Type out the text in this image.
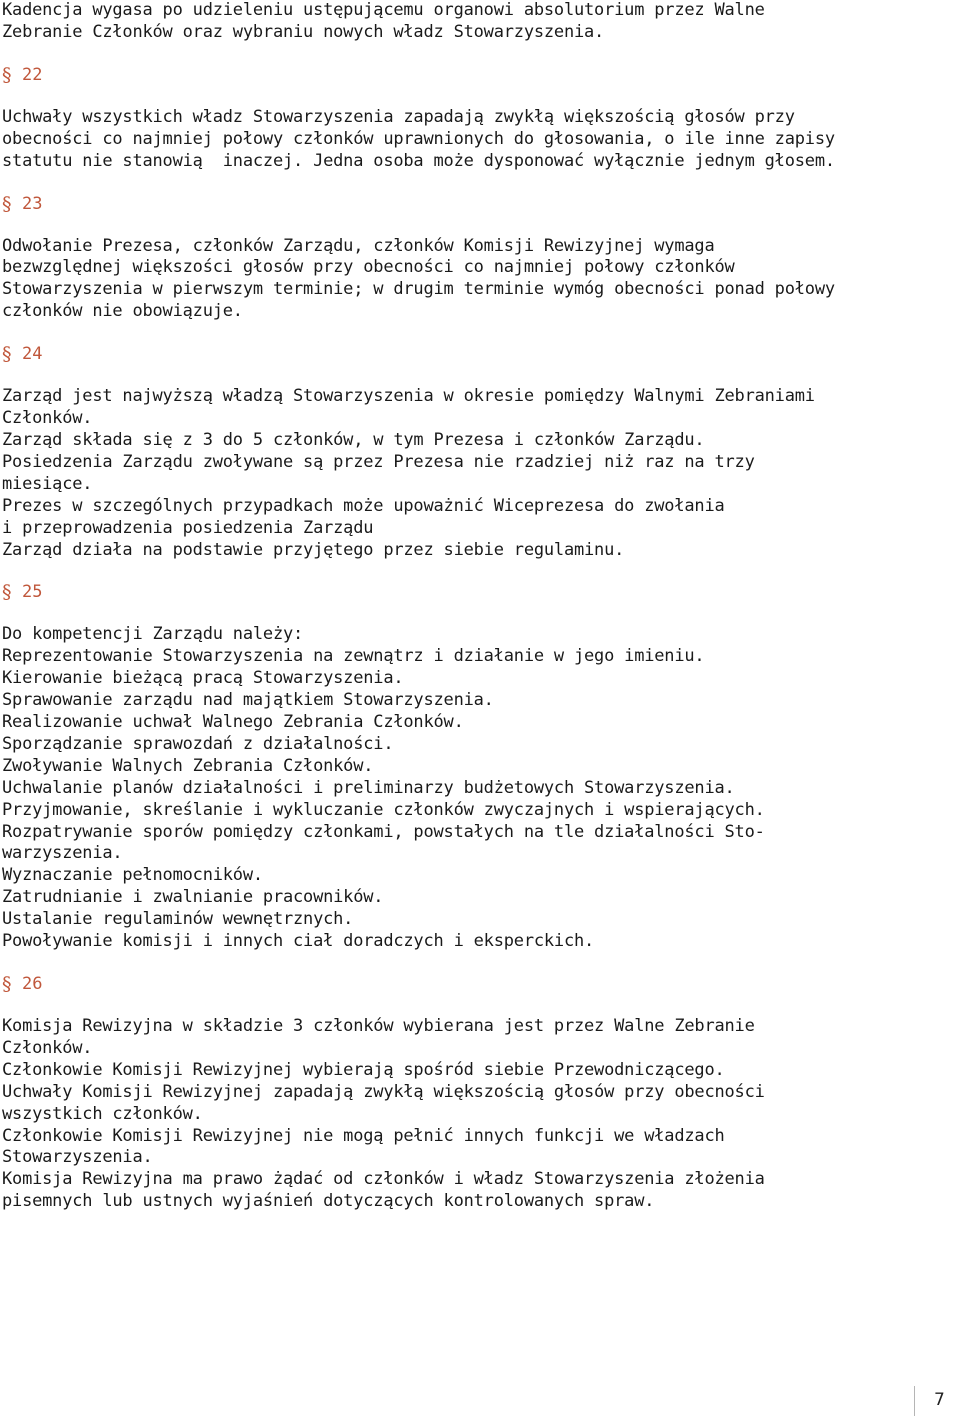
Kadencja wygasa po udzieleniu ustępującemu organowi absolutorium przez Walne
Zebranie Członków oraz wybraniu nowych władz Stowarzyszenia.
§ 22
Uchwały wszystkich władz Stowarzyszenia zapadają zwykłą większością głosów przy
obecności co najmniej połowy członków uprawnionych do głosowania, o ile inne zapisy
statutu nie stanowią  inaczej. Jedna osoba może dysponować wyłącznie jednym głosem.
§ 23
Odwołanie Prezesa, członków Zarządu, członków Komisji Rewizyjnej wymaga
bezwzględnej większości głosów przy obecności co najmniej połowy członków
Stowarzyszenia w pierwszym terminie; w drugim terminie wymóg obecności ponad połowy
członków nie obowiązuje.
§ 24
Zarząd jest najwyższą władzą Stowarzyszenia w okresie pomiędzy Walnymi Zebraniami
Członków.
Zarząd składa się z 3 do 5 członków, w tym Prezesa i członków Zarządu.
Posiedzenia Zarządu zwoływane są przez Prezesa nie rzadziej niż raz na trzy
miesiące.
Prezes w szczególnych przypadkach może upoważnić Wiceprezesa do zwołania
i przeprowadzenia posiedzenia Zarządu
Zarząd działa na podstawie przyjętego przez siebie regulaminu.
§ 25
Do kompetencji Zarządu należy:
Reprezentowanie Stowarzyszenia na zewnątrz i działanie w jego imieniu.
Kierowanie bieżącą pracą Stowarzyszenia.
Sprawowanie zarządu nad majątkiem Stowarzyszenia.
Realizowanie uchwał Walnego Zebrania Członków.
Sporządzanie sprawozdań z działalności.
Zwoływanie Walnych Zebrania Członków.
Uchwalanie planów działalności i preliminarzy budżetowych Stowarzyszenia.
Przyjmowanie, skreślanie i wykluczanie członków zwyczajnych i wspierających.
Rozpatrywanie sporów pomiędzy członkami, powstałych na tle działalności Sto-
warzyszenia.
Wyznaczanie pełnomocników.
Zatrudnianie i zwalnianie pracowników.
Ustalanie regulaminów wewnętrznych.
Powoływanie komisji i innych ciał doradczych i eksperckich.
§ 26
Komisja Rewizyjna w składzie 3 członków wybierana jest przez Walne Zebranie
Członków.
Członkowie Komisji Rewizyjnej wybierają spośród siebie Przewodniczącego.
Uchwały Komisji Rewizyjnej zapadają zwykłą większością głosów przy obecności
wszystkich członków.
Członkowie Komisji Rewizyjnej nie mogą pełnić innych funkcji we władzach
Stowarzyszenia.
Komisja Rewizyjna ma prawo żądać od członków i władz Stowarzyszenia złożenia
pisemnych lub ustnych wyjaśnień dotyczących kontrolowanych spraw.
7
